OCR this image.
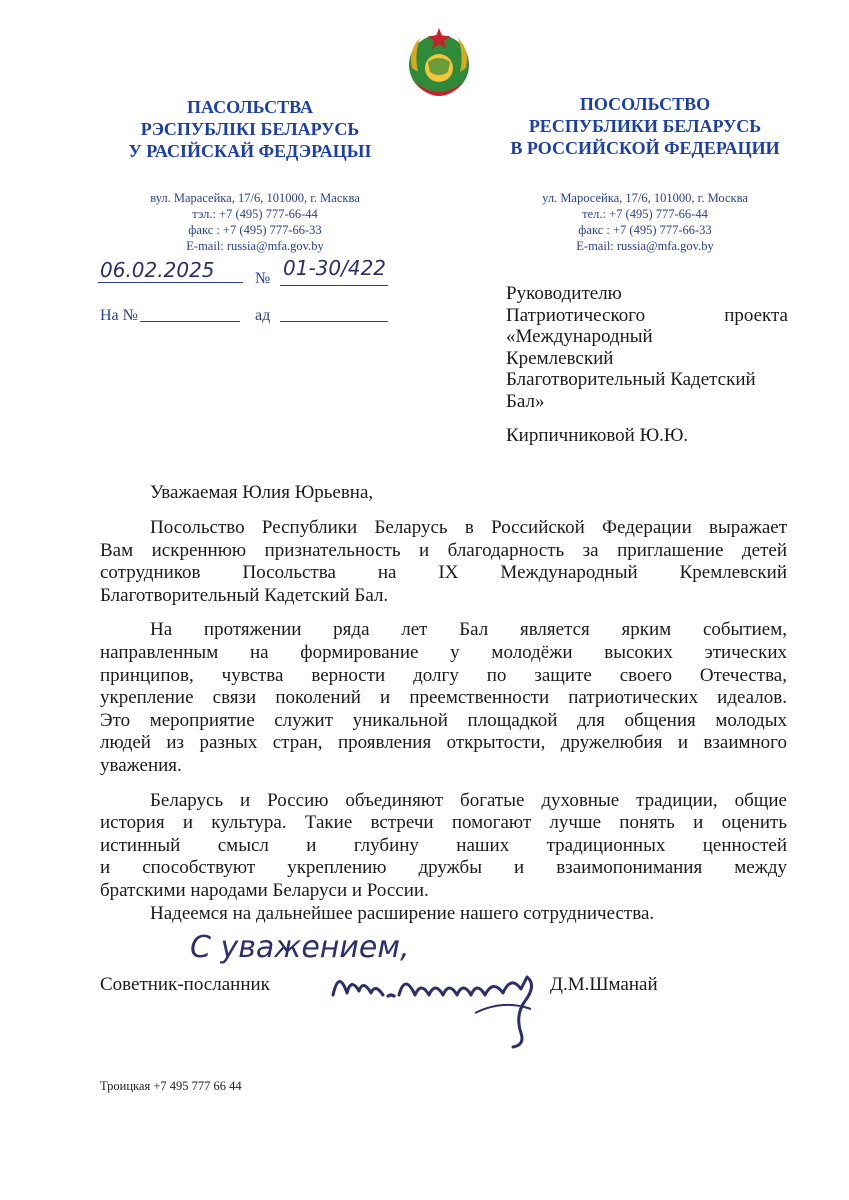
ПАСОЛЬСТВА
РЭСПУБЛІКІ БЕЛАРУСЬ
У РАСІЙСКАЙ ФЕДЭРАЦЫІ
вул. Марасейка, 17/6, 101000, г. Масква
тэл.: +7 (495) 777-66-44
факс : +7 (495) 777-66-33
E-mail: russia@mfa.gov.by
ПОСОЛЬСТВО
РЕСПУБЛИКИ БЕЛАРУСЬ
В РОССИЙСКОЙ ФЕДЕРАЦИИ
ул. Маросейка, 17/6, 101000, г. Москва
тел.: +7 (495) 777-66-44
факс : +7 (495) 777-66-33
E-mail: russia@mfa.gov.by
06.02.2025	№ 01-30/422
На №	ад
Руководителю
Патриотического проекта
«Международный
Кремлевский
Благотворительный Кадетский
Бал»
Кирпичниковой Ю.Ю.
Уважаемая Юлия Юрьевна,

Посольство Республики Беларусь в Российской Федерации выражает
Вам искреннюю признательность и благодарность за приглашение детей
сотрудников Посольства на IX Международный Кремлевский
Благотворительный Кадетский Бал.

На протяжении ряда лет Бал является ярким событием,
направленным на формирование у молодёжи высоких этических
принципов, чувства верности долгу по защите своего Отечества,
укрепление связи поколений и преемственности патриотических идеалов.
Это мероприятие служит уникальной площадкой для общения молодых
людей из разных стран, проявления открытости, дружелюбия и взаимного
уважения.

Беларусь и Россию объединяют богатые духовные традиции, общие
история и культура. Такие встречи помогают лучше понять и оценить
истинный смысл и глубину наших традиционных ценностей
и способствуют укреплению дружбы и взаимопонимания между
братскими народами Беларуси и России.

Надеемся на дальнейшее расширение нашего сотрудничества.

С уважением,
Советник-посланник	Д.М.Шманай
Троицкая +7 495 777 66 44
